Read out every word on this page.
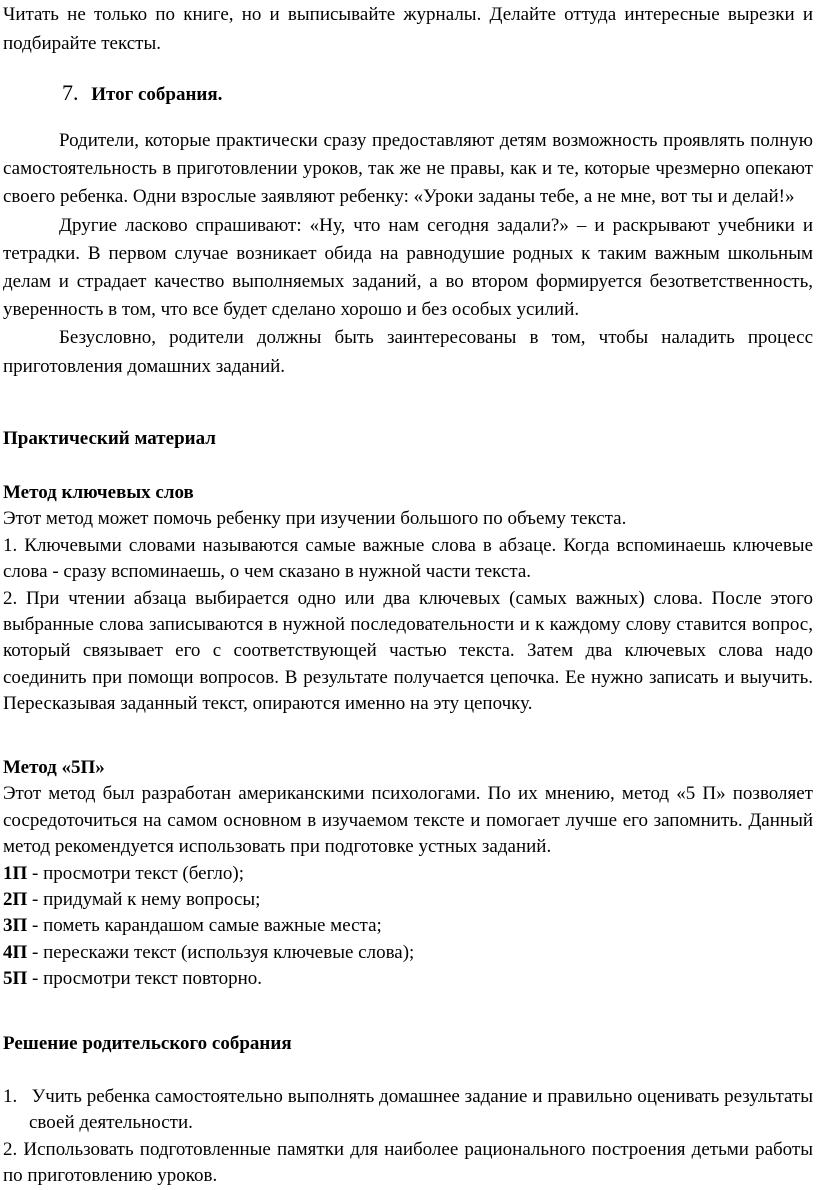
Читать не только по книге, но и выписывайте журналы. Делайте оттуда интересные вырезки и подбирайте тексты.

7. Итог собрания.

Родители, которые практически сразу предоставляют детям возможность проявлять полную самостоятельность в приготовлении уроков, так же не правы, как и те, которые чрезмерно опекают своего ребенка. Одни взрослые заявляют ребенку: «Уроки заданы тебе, а не мне, вот ты и делай!»

Другие ласково спрашивают: «Ну, что нам сегодня задали?» – и раскрывают учебники и тетрадки. В первом случае возникает обида на равнодушие родных к таким важным школьным делам и страдает качество выполняемых заданий, а во втором формируется безответственность, уверенность в том, что все будет сделано хорошо и без особых усилий.

Безусловно, родители должны быть заинтересованы в том, чтобы наладить процесс приготовления домашних заданий.

Практический материал

Метод ключевых слов

Этот метод может помочь ребенку при изучении большого по объему текста.

1. Ключевыми словами называются самые важные слова в абзаце. Когда вспоминаешь ключевые слова - сразу вспоминаешь, о чем сказано в нужной части текста.

2. При чтении абзаца выбирается одно или два ключевых (самых важных) слова. После этого выбранные слова записываются в нужной последовательности и к каждому слову ставится вопрос, который связывает его с соответствующей частью текста. Затем два ключевых слова надо соединить при помощи вопросов. В результате получается цепочка. Ее нужно записать и выучить. Пересказывая заданный текст, опираются именно на эту цепочку.

Метод «5П»

Этот метод был разработан американскими психологами. По их мнению, метод «5 П» позволяет сосредоточиться на самом основном в изучаемом тексте и помогает лучше его запомнить. Данный метод рекомендуется использовать при подготовке устных заданий.

1П - просмотри текст (бегло);

2П - придумай к нему вопросы;

3П - пометь карандашом самые важные места;

4П - перескажи текст (используя ключевые слова);

5П - просмотри текст повторно.

Решение родительского собрания
1. Учить ребенка самостоятельно выполнять домашнее задание и правильно оценивать результаты своей деятельности.
2. Использовать подготовленные памятки для наиболее рационального построения детьми работы по приготовлению уроков.
